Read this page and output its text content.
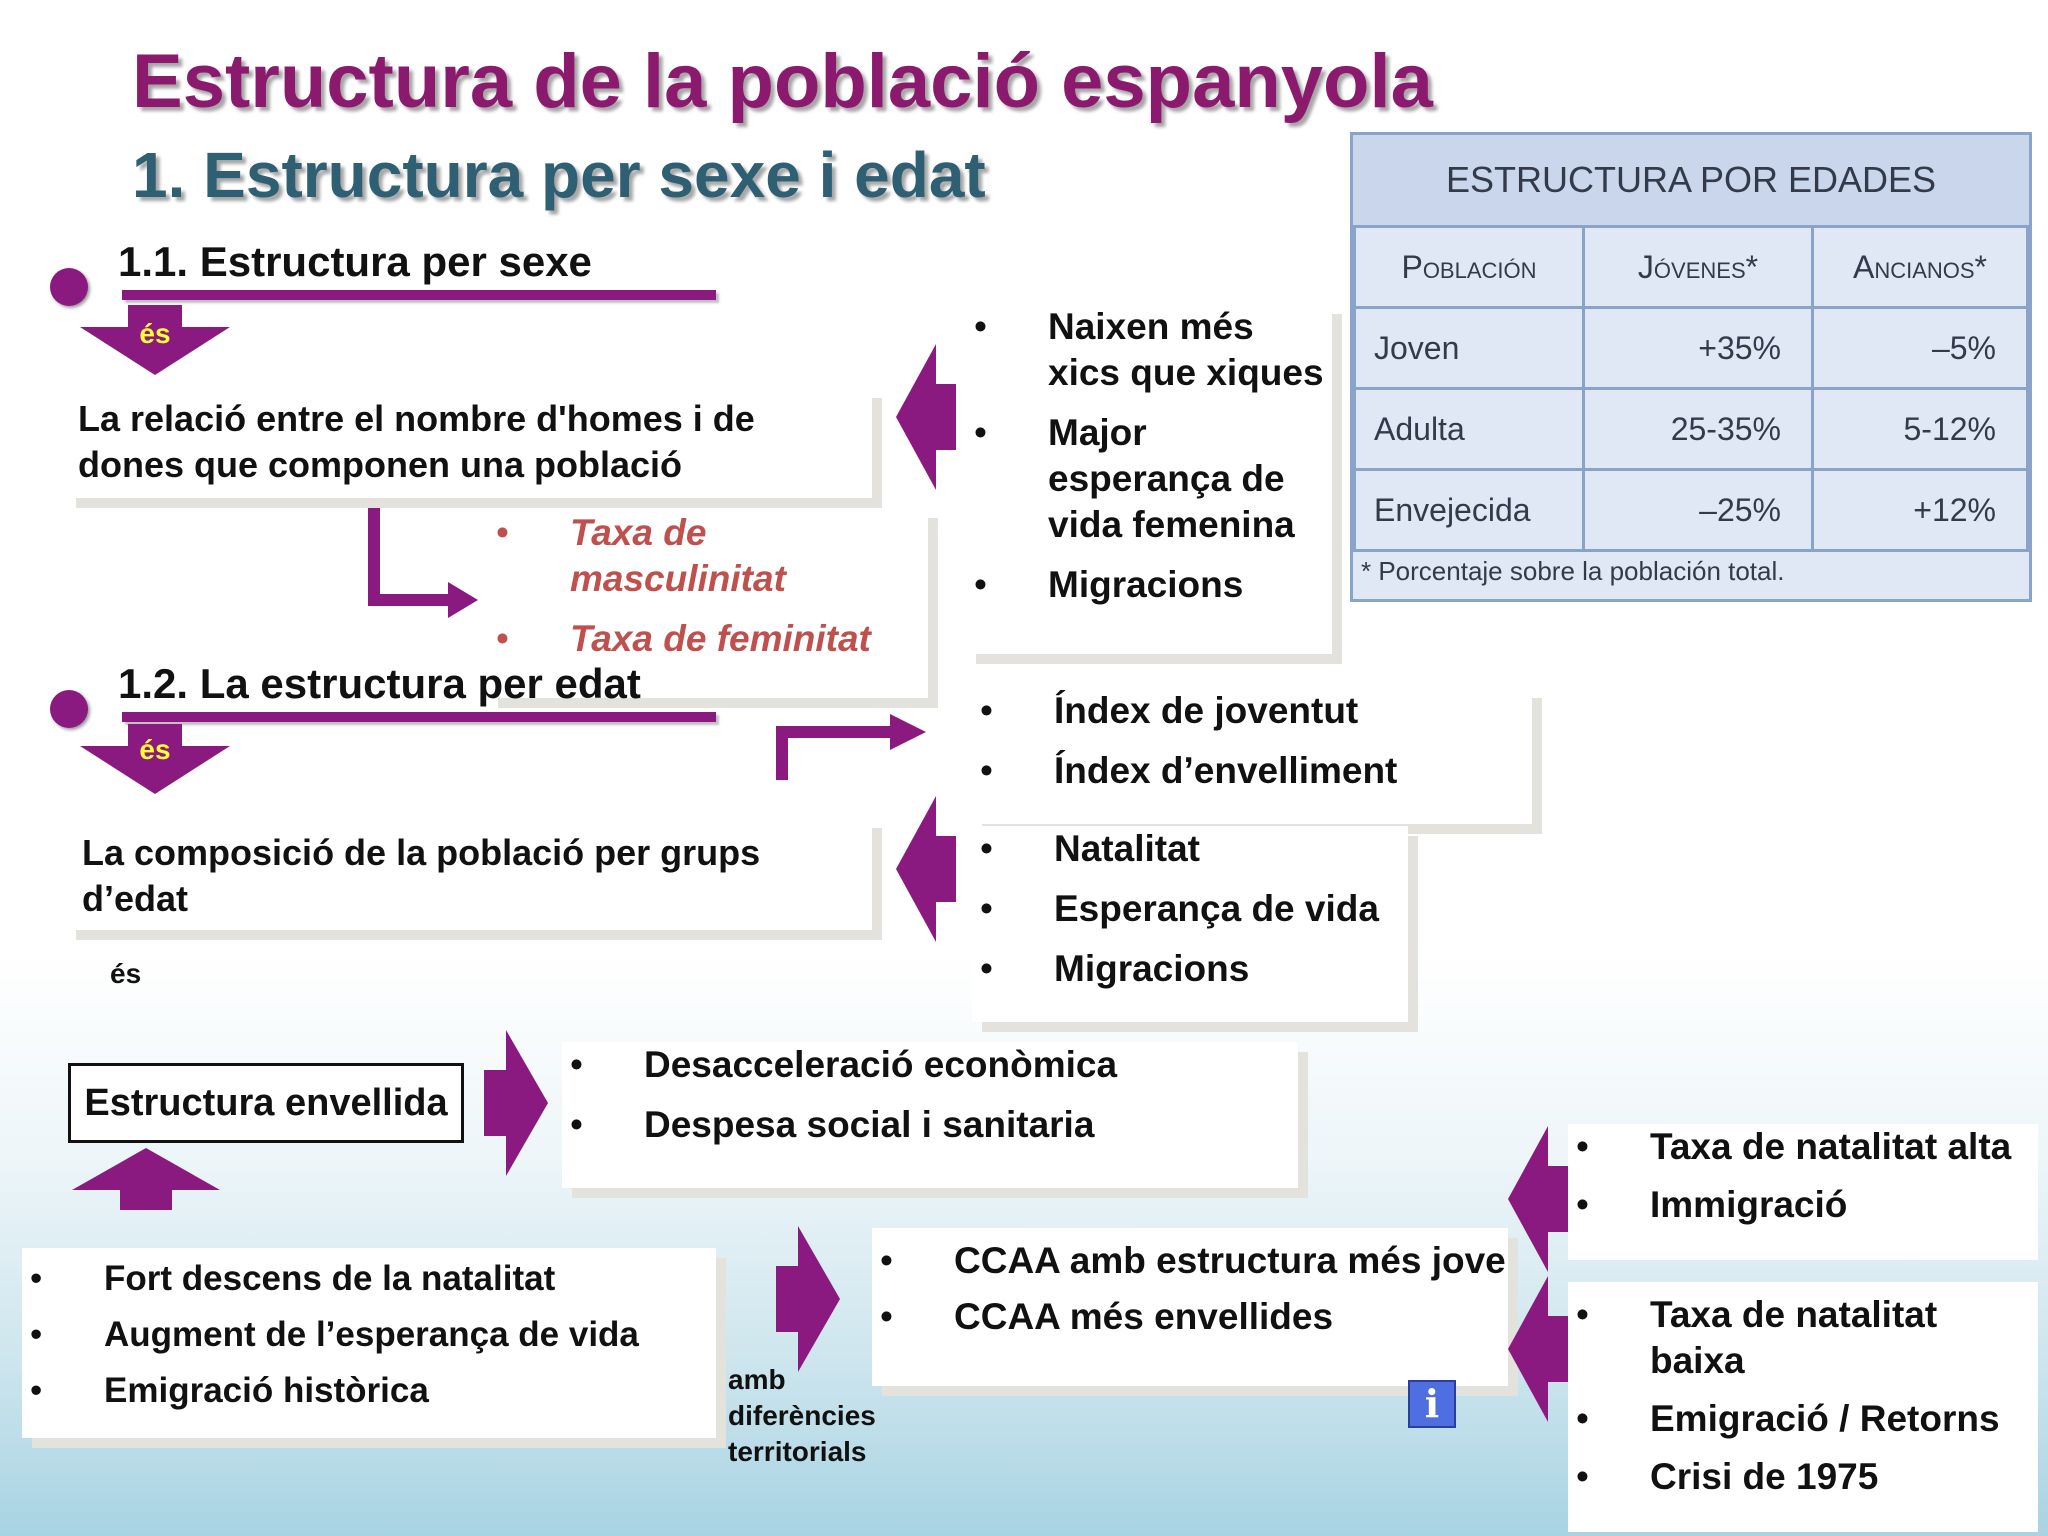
Estructura de la població espanyola
1. Estructura per sexe i edat	ESTRUCTURA POR EDADES
Población	Jóvenes*	Ancianos*
Joven	+35%	–5%
Adulta	25-35%	5-12%
Envejecida	–25%	+12%
* Porcentaje sobre la población total.
1.1. Estructura per sexe
és
La relació entre el nombre d'homes i de dones que componen una població
• Taxa de masculinitat
• Taxa de feminitat
• Naixen més xics que xiques
• Major esperança de vida femenina
• Migracions
1.2. La estructura per edat
és
• Índex de joventut
• Índex d’envelliment
La composició de la població per grups d’edat
• Natalitat
• Esperança de vida
• Migracions
és
Estructura envellida
• Desacceleració econòmica
• Despesa social i sanitaria
• Fort descens de la natalitat
• Augment de l’esperança de vida
• Emigració històrica	amb diferències territorials
• CCAA amb estructura més jove
• CCAA més envellides
• Taxa de natalitat alta
• Immigració
• Taxa de natalitat baixa
• Emigració / Retorns
• Crisi de 1975
i
